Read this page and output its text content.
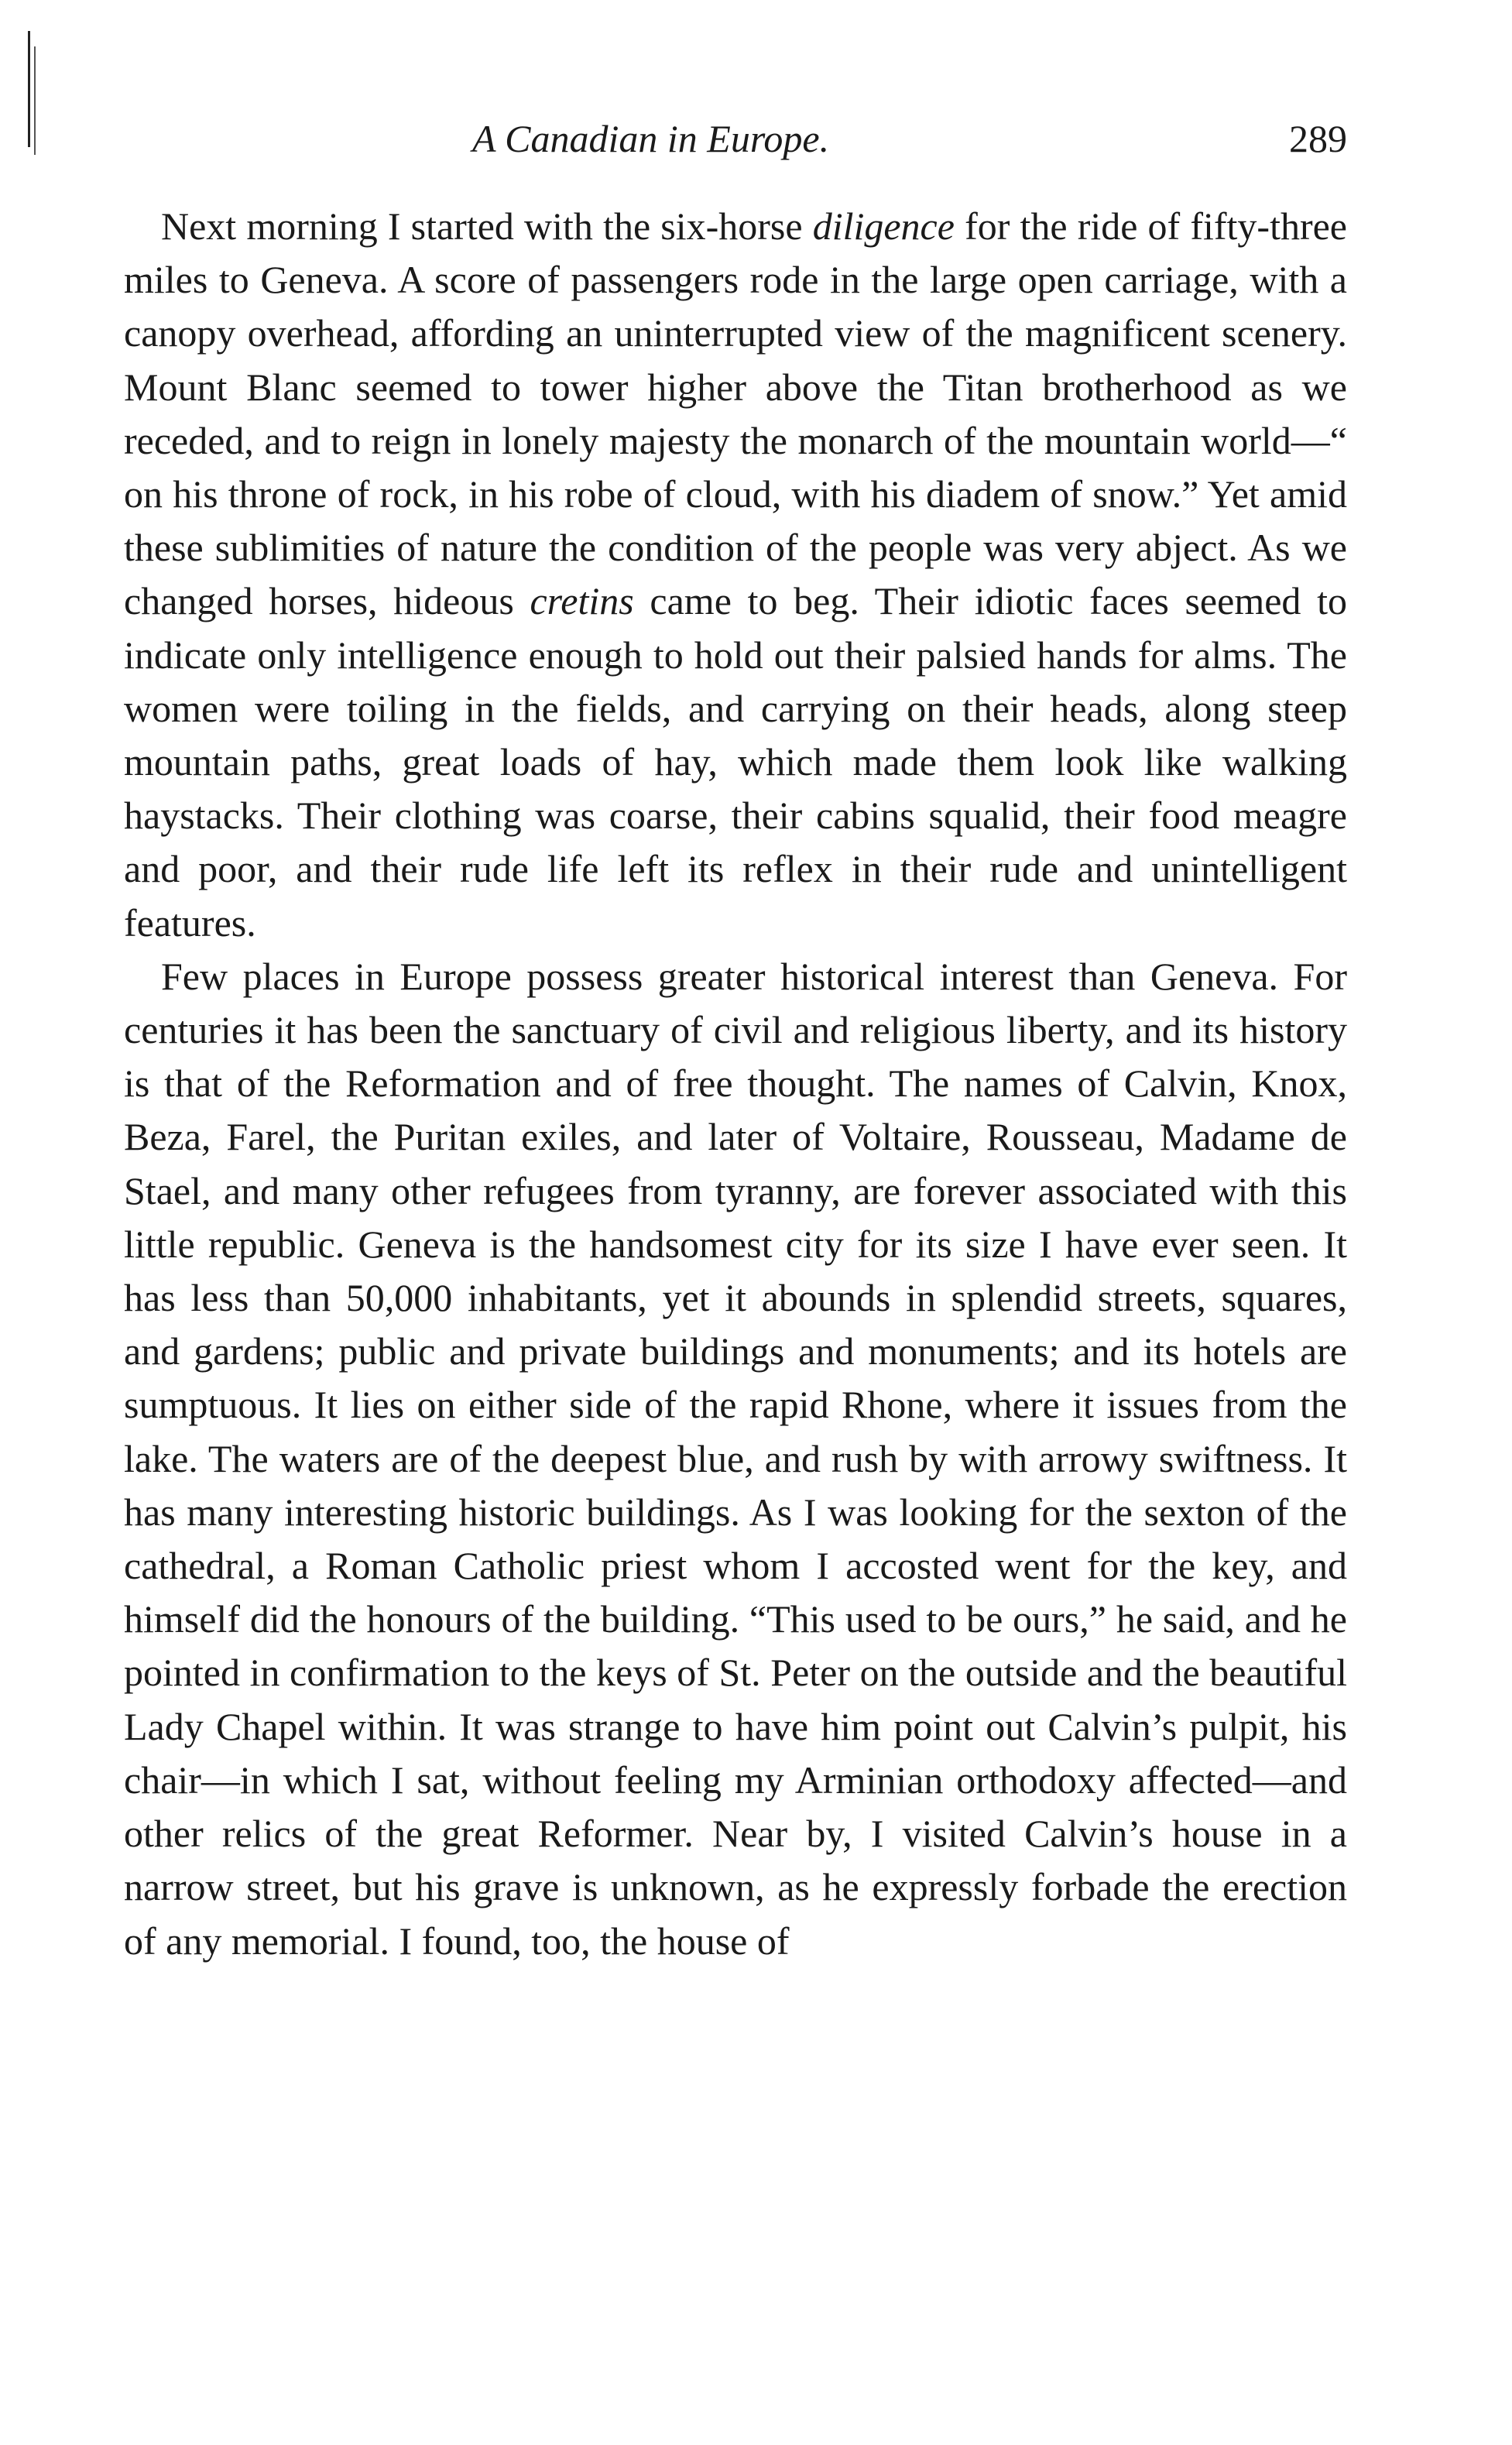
A Canadian in Europe.	289

Next morning I started with the six-horse diligence for the ride of fifty-three miles to Geneva. A score of passengers rode in the large open carriage, with a canopy overhead, affording an uninterrupted view of the magnificent scenery. Mount Blanc seemed to tower higher above the Titan brotherhood as we receded, and to reign in lonely majesty the monarch of the mountain world—“ on his throne of rock, in his robe of cloud, with his diadem of snow.” Yet amid these sublimities of nature the condition of the people was very abject. As we changed horses, hideous cretins came to beg. Their idiotic faces seemed to indicate only intelligence enough to hold out their palsied hands for alms. The women were toiling in the fields, and carrying on their heads, along steep mountain paths, great loads of hay, which made them look like walking haystacks. Their clothing was coarse, their cabins squalid, their food meagre and poor, and their rude life left its reflex in their rude and unintelligent features.

Few places in Europe possess greater historical interest than Geneva. For centuries it has been the sanctuary of civil and religious liberty, and its history is that of the Reformation and of free thought. The names of Calvin, Knox, Beza, Farel, the Puritan exiles, and later of Voltaire, Rousseau, Madame de Stael, and many other refugees from tyranny, are forever associated with this little republic. Geneva is the handsomest city for its size I have ever seen. It has less than 50,000 inhabitants, yet it abounds in splendid streets, squares, and gardens; public and private buildings and monuments; and its hotels are sumptuous. It lies on either side of the rapid Rhone, where it issues from the lake. The waters are of the deepest blue, and rush by with arrowy swiftness. It has many interesting historic buildings. As I was looking for the sexton of the cathedral, a Roman Catholic priest whom I accosted went for the key, and himself did the honours of the building. “This used to be ours,” he said, and he pointed in confirmation to the keys of St. Peter on the outside and the beautiful Lady Chapel within. It was strange to have him point out Calvin’s pulpit, his chair—in which I sat, without feeling my Arminian orthodoxy affected—and other relics of the great Reformer. Near by, I visited Calvin’s house in a narrow street, but his grave is unknown, as he expressly forbade the erection of any memorial. I found, too, the house of
